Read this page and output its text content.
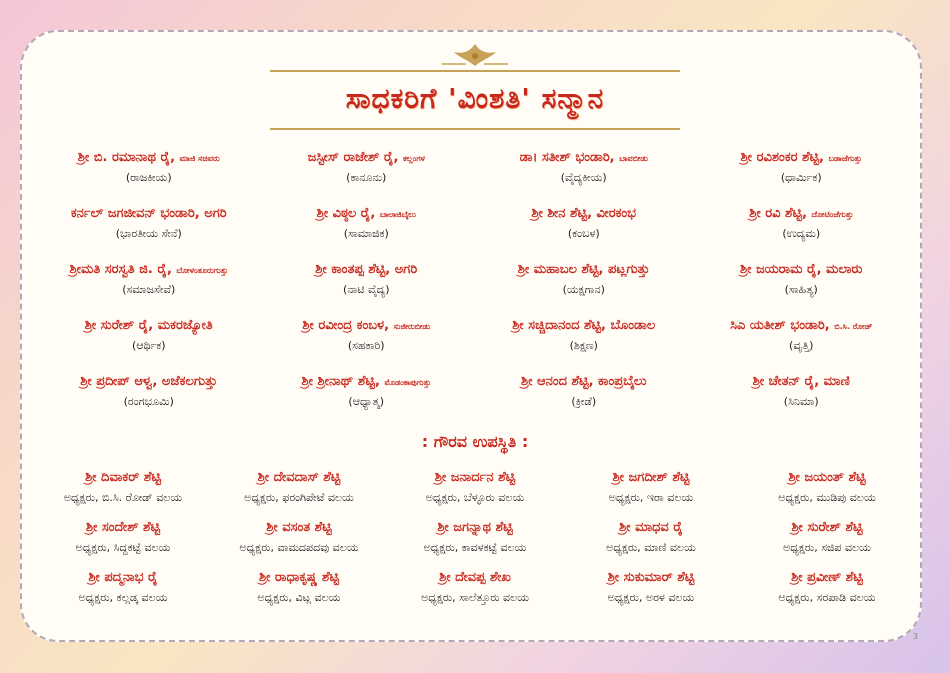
ಸಾಧಕರಿಗೆ 'ವಿಂಶತಿ' ಸನ್ಮಾನ
ಶ್ರೀ ಬಿ. ರಮಾನಾಥ ರೈ, ಮಾಜಿ ಸಚಿವರು
(ರಾಜಕೀಯ)
ಜಸ್ಟೀಸ್ ರಾಜೇಶ್ ರೈ, ಕಲ್ಲಂಗಳ
(ಕಾನೂನು)
ಡಾ। ಸತೀಶ್ ಭಂಡಾರಿ, ಬಾವಬೀಡು
(ವೈದ್ಯಕೀಯ)
ಶ್ರೀ ರವಿಶಂಕರ ಶೆಟ್ಟಿ, ಬಡಾಜೆಗುತ್ತು
(ಧಾರ್ಮಿಕ)
ಕರ್ನಲ್ ಜಗಜೀವನ್ ಭಂಡಾರಿ, ಅಗರಿ
(ಭಾರತೀಯ ಸೇನೆ)
ಶ್ರೀ ವಿಠ್ಠಲ ರೈ, ಬಾಲಾಜಿಬೈಲು
(ಸಾಮಾಜಿಕ)
ಶ್ರೀ ಶೀನ ಶೆಟ್ಟಿ, ವೀರಕಂಭ
(ಕಂಬಳ)
ಶ್ರೀ ರವಿ ಶೆಟ್ಟಿ, ದೋಟಿಂಜೆಗುತ್ತು
(ಉದ್ಯಮ)
ಶ್ರೀಮತಿ ಸರಸ್ವತಿ ಜಿ. ರೈ, ಬೋಳಂತೂರುಗುತ್ತು
(ಸಮಾಜಸೇವೆ)
ಶ್ರೀ ಕಾಂತಪ್ಪ ಶೆಟ್ಟಿ, ಅಗರಿ
(ನಾಟಿ ವೈದ್ಯ)
ಶ್ರೀ ಮಹಾಬಲ ಶೆಟ್ಟಿ, ಪಟ್ಲಗುತ್ತು
(ಯಕ್ಷಗಾನ)
ಶ್ರೀ ಜಯರಾಮ ರೈ, ಮಲಾರು
(ಸಾಹಿತ್ಯ)
ಶ್ರೀ ಸುರೇಶ್ ರೈ, ಮಕರಜ್ಯೋತಿ
(ಆರ್ಥಿಕ)
ಶ್ರೀ ರವೀಂದ್ರ ಕಂಬಳ, ಸುಜೀರುಬೀಡು
(ಸಹಕಾರಿ)
ಶ್ರೀ ಸಚ್ಚಿದಾನಂದ ಶೆಟ್ಟಿ, ಬೊಂಡಾಲ
(ಶಿಕ್ಷಣ)
ಸಿಎ ಯತೀಶ್ ಭಂಡಾರಿ, ಬಿ.ಸಿ. ರೋಡ್
(ವೃತ್ತಿ)
ಶ್ರೀ ಪ್ರದೀಪ್ ಆಳ್ವ, ಅಜೆಕಲಗುತ್ತು
(ರಂಗಭೂಮಿ)
ಶ್ರೀ ಶ್ರೀನಾಥ್ ಶೆಟ್ಟಿ, ಮೊಡಂಕಾಪುಗುತ್ತು
(ಆಧ್ಯಾತ್ಮ)
ಶ್ರೀ ಆನಂದ ಶೆಟ್ಟಿ, ಕಾಂಪ್ರಬೈಲು
(ಕ್ರೀಡೆ)
ಶ್ರೀ ಚೇತನ್ ರೈ, ಮಾಣಿ
(ಸಿನಿಮಾ)
: ಗೌರವ ಉಪಸ್ಥಿತಿ :
ಶ್ರೀ ದಿವಾಕರ್ ಶೆಟ್ಟಿ
ಅಧ್ಯಕ್ಷರು, ಬಿ.ಸಿ. ರೋಡ್ ವಲಯ
ಶ್ರೀ ದೇವದಾಸ್ ಶೆಟ್ಟಿ
ಅಧ್ಯಕ್ಷರು, ಫರಂಗಿಪೇಟೆ ವಲಯ
ಶ್ರೀ ಜನಾರ್ದನ ಶೆಟ್ಟಿ
ಅಧ್ಯಕ್ಷರು, ಬೆಳ್ಳೂರು ವಲಯ
ಶ್ರೀ ಜಗದೀಶ್ ಶೆಟ್ಟಿ
ಅಧ್ಯಕ್ಷರು, ಇರಾ ವಲಯ
ಶ್ರೀ ಜಯಂತ್ ಶೆಟ್ಟಿ
ಅಧ್ಯಕ್ಷರು, ಮುಡಿಪು ವಲಯ
ಶ್ರೀ ಸಂದೇಶ್ ಶೆಟ್ಟಿ
ಅಧ್ಯಕ್ಷರು, ಸಿದ್ದಕಟ್ಟೆ ವಲಯ
ಶ್ರೀ ವಸಂತ ಶೆಟ್ಟಿ
ಅಧ್ಯಕ್ಷರು, ವಾಮದಪದವು ವಲಯ
ಶ್ರೀ ಜಗನ್ನಾಥ ಶೆಟ್ಟಿ
ಅಧ್ಯಕ್ಷರು, ಕಾವಳಕಟ್ಟೆ ವಲಯ
ಶ್ರೀ ಮಾಧವ ರೈ
ಅಧ್ಯಕ್ಷರು, ಮಾಣಿ ವಲಯ
ಶ್ರೀ ಸುರೇಶ್ ಶೆಟ್ಟಿ
ಅಧ್ಯಕ್ಷರು, ಸಜಿಪ ವಲಯ
ಶ್ರೀ ಪದ್ಮನಾಭ ರೈ
ಅಧ್ಯಕ್ಷರು, ಕಲ್ಲಡ್ಕ ವಲಯ
ಶ್ರೀ ರಾಧಾಕೃಷ್ಣ ಶೆಟ್ಟಿ
ಅಧ್ಯಕ್ಷರು, ವಿಟ್ಲ ವಲಯ
ಶ್ರೀ ದೇವಪ್ಪ ಶೇಖ
ಅಧ್ಯಕ್ಷರು, ಸಾಲೆತ್ತೂರು ವಲಯ
ಶ್ರೀ ಸುಕುಮಾರ್ ಶೆಟ್ಟಿ
ಅಧ್ಯಕ್ಷರು, ಅರಳ ವಲಯ
ಶ್ರೀ ಪ್ರವೀಣ್ ಶೆಟ್ಟಿ
ಅಧ್ಯಕ್ಷರು, ಸರಪಾಡಿ ವಲಯ
3
